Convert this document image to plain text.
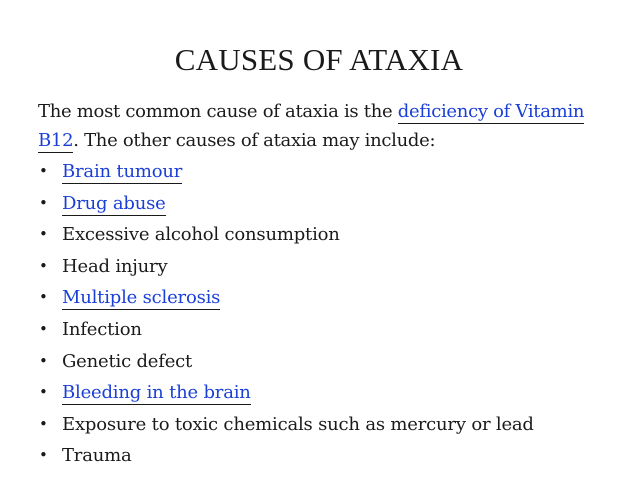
CAUSES OF ATAXIA
The most common cause of ataxia is the deficiency of Vitamin B12. The other causes of ataxia may include:
• Brain tumour
• Drug abuse
• Excessive alcohol consumption
• Head injury
• Multiple sclerosis
• Infection
• Genetic defect
• Bleeding in the brain
• Exposure to toxic chemicals such as mercury or lead
• Trauma
